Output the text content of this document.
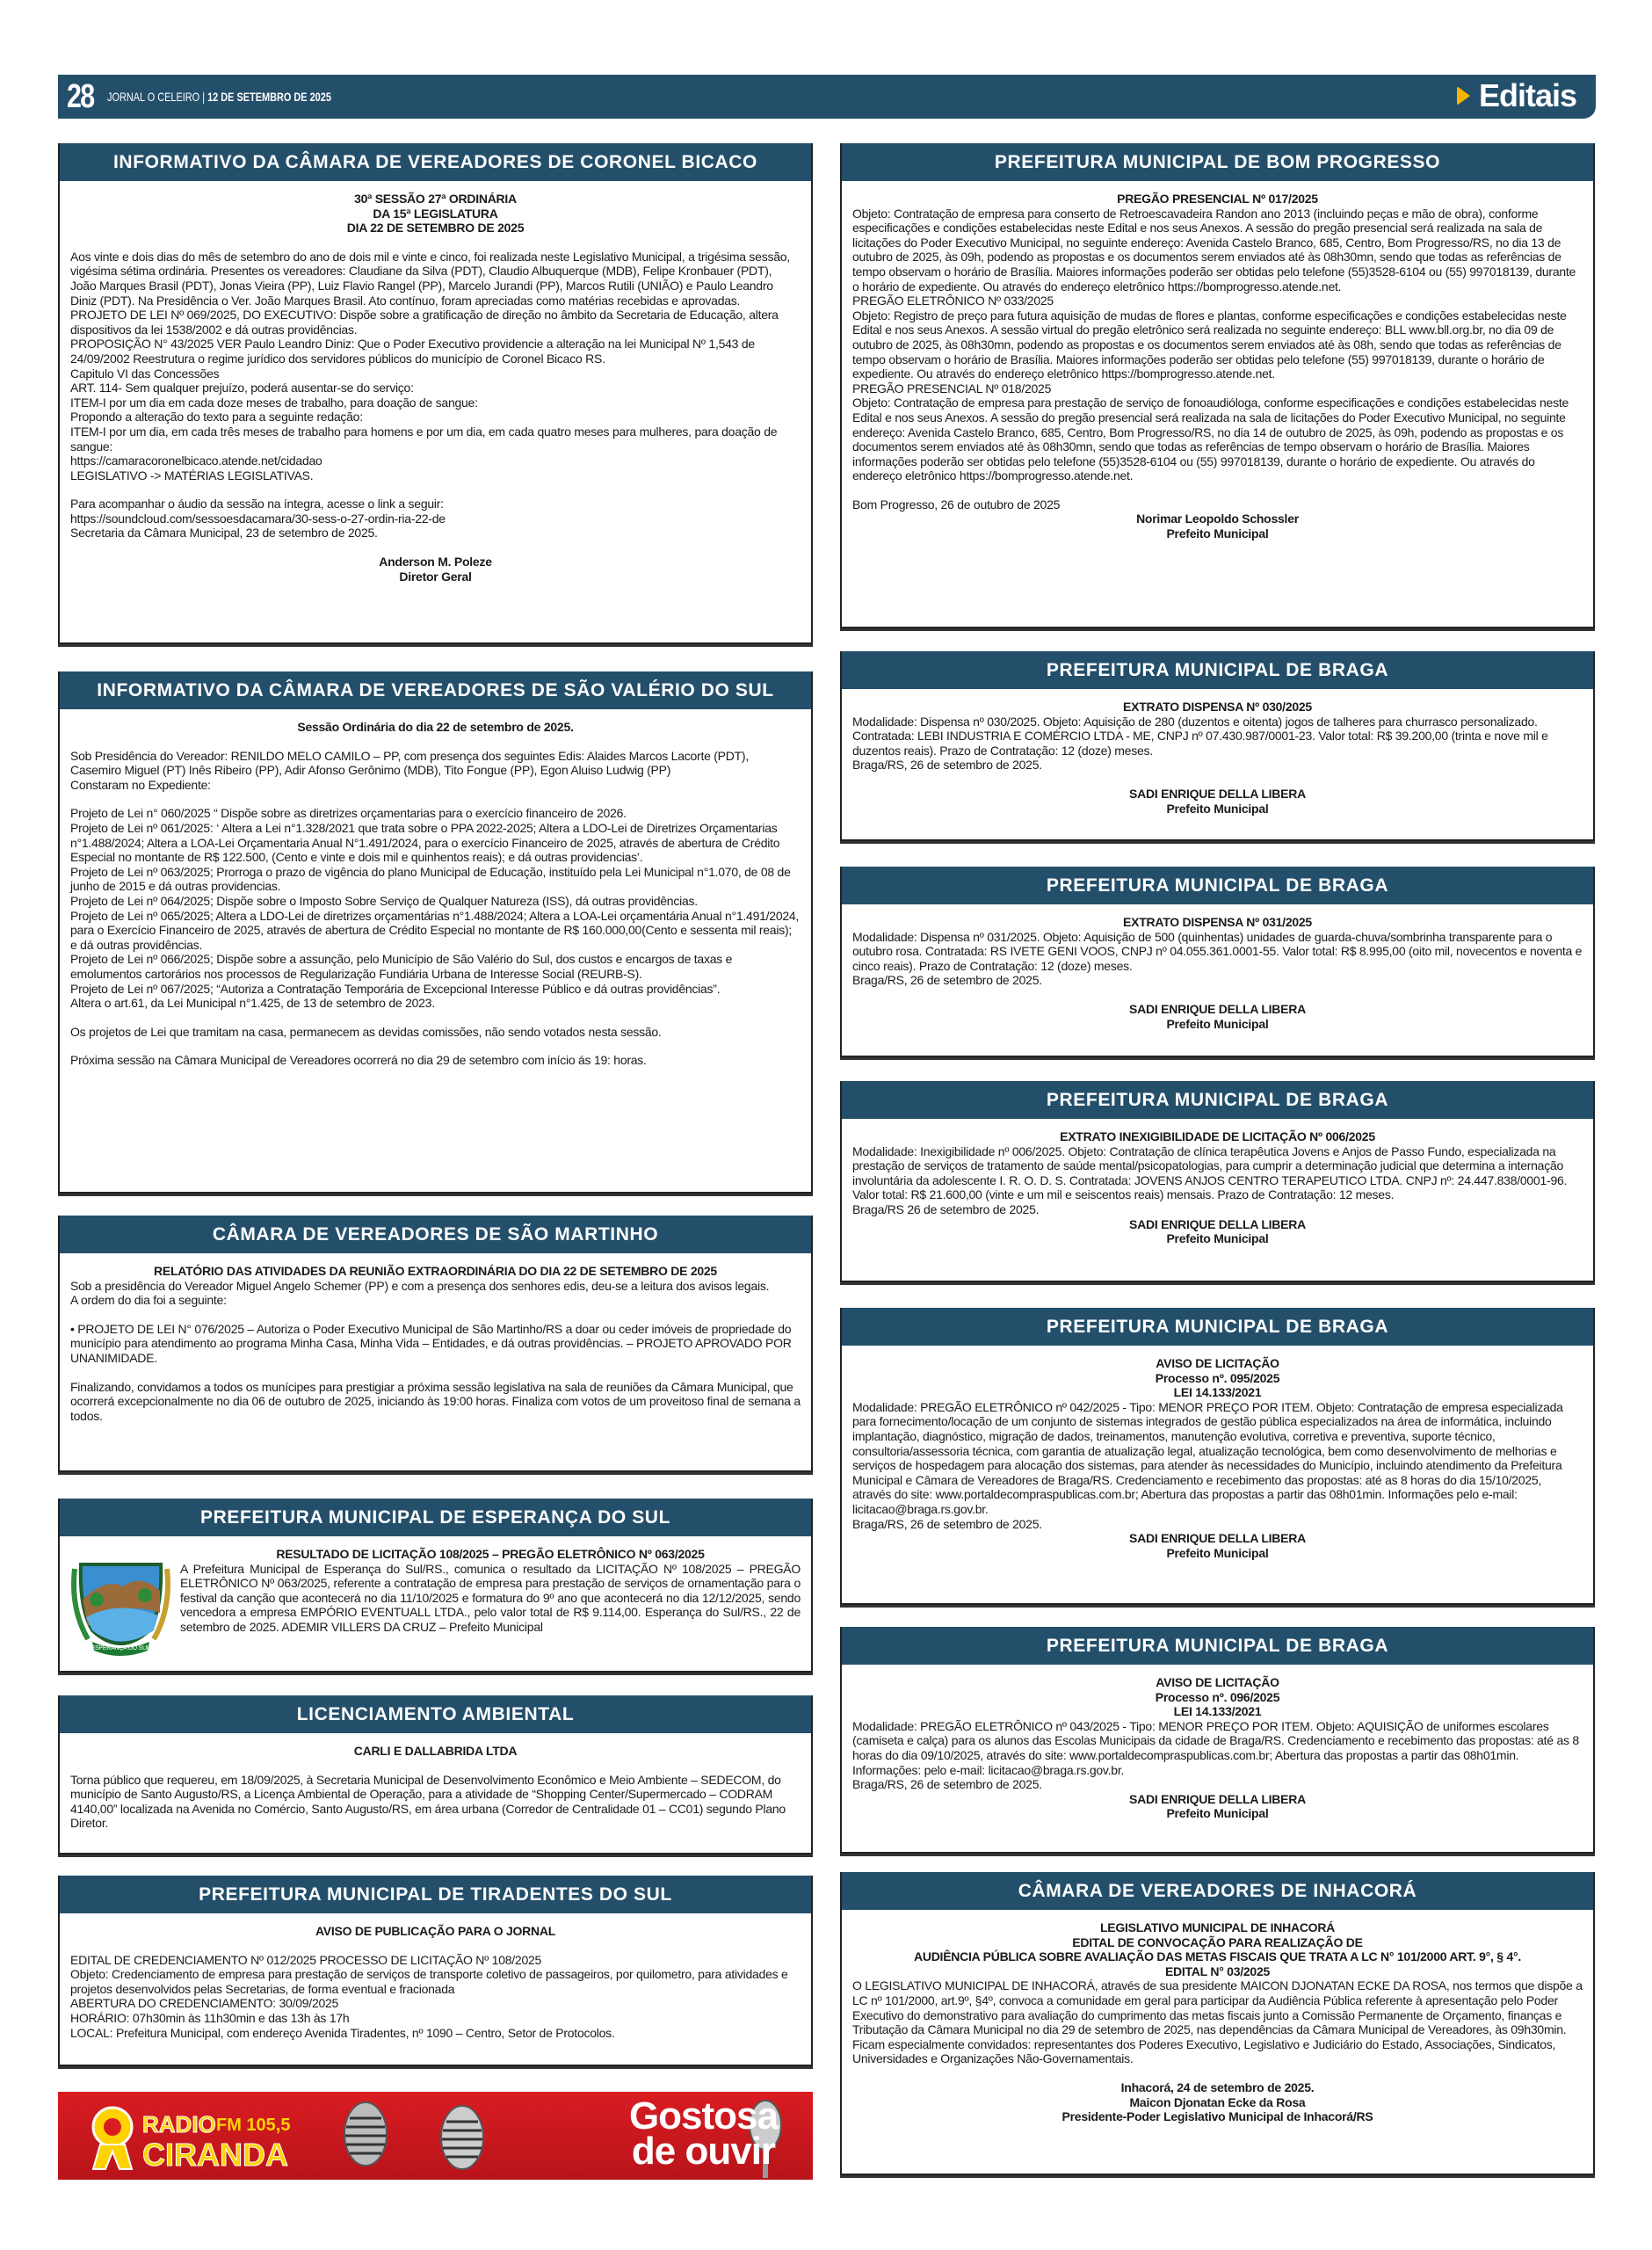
28 JORNAL O CELEIRO | 12 DE SETEMBRO DE 2025	Editais
INFORMATIVO DA CÂMARA DE VEREADORES DE CORONEL BICACO
30ª SESSÃO 27ª ORDINÁRIA
DA 15ª LEGISLATURA
DIA 22 DE SETEMBRO DE 2025
Aos vinte e dois dias do mês de setembro do ano de dois mil e vinte e cinco, foi realizada neste Legislativo Municipal, a trigésima sessão, vigésima sétima ordinária. Presentes os vereadores: Claudiane da Silva (PDT), Claudio Albuquerque (MDB), Felipe Kronbauer (PDT), João Marques Brasil (PDT), Jonas Vieira (PP), Luiz Flavio Rangel (PP), Marcelo Jurandi (PP), Marcos Rutili (UNIÃO) e Paulo Leandro Diniz (PDT). Na Presidência o Ver. João Marques Brasil. Ato contínuo, foram apreciadas como matérias recebidas e aprovadas.
PROJETO DE LEI Nº 069/2025, DO EXECUTIVO: Dispõe sobre a gratificação de direção no âmbito da Secretaria de Educação, altera dispositivos da lei 1538/2002 e dá outras providências.
PROPOSIÇÃO N° 43/2025 VER Paulo Leandro Diniz: Que o Poder Executivo providencie a alteração na lei Municipal Nº 1,543 de 24/09/2002 Reestrutura o regime jurídico dos servidores públicos do município de Coronel Bicaco RS.
Capitulo VI das Concessões
ART. 114- Sem qualquer prejuízo, poderá ausentar-se do serviço:
ITEM-I por um dia em cada doze meses de trabalho, para doação de sangue:
Propondo a alteração do texto para a seguinte redação:
ITEM-I por um dia, em cada três meses de trabalho para homens e por um dia, em cada quatro meses para mulheres, para doação de sangue:
https://camaracoronelbicaco.atende.net/cidadao
LEGISLATIVO -> MATÉRIAS LEGISLATIVAS.
Para acompanhar o áudio da sessão na íntegra, acesse o link a seguir:
https://soundcloud.com/sessoesdacamara/30-sess-o-27-ordin-ria-22-de
Secretaria da Câmara Municipal, 23 de setembro de 2025.
Anderson M. Poleze
Diretor Geral
INFORMATIVO DA CÂMARA DE VEREADORES DE SÃO VALÉRIO DO SUL
Sessão Ordinária do dia 22 de setembro de 2025.
Sob Presidência do Vereador: RENILDO MELO CAMILO – PP, com presença dos seguintes Edis: Alaides Marcos Lacorte (PDT), Casemiro Miguel (PT) Inês Ribeiro (PP), Adir Afonso Gerônimo (MDB), Tito Fongue (PP), Egon Aluiso Ludwig (PP)
Constaram no Expediente:
Projeto de Lei n° 060/2025 “ Dispõe sobre as diretrizes orçamentarias para o exercício financeiro de 2026.
Projeto de Lei nº 061/2025: ‘ Altera a Lei n°1.328/2021 que trata sobre o PPA 2022-2025; Altera a LDO-Lei de Diretrizes Orçamentarias n°1.488/2024; Altera a LOA-Lei Orçamentaria Anual N°1.491/2024, para o exercício Financeiro de 2025, através de abertura de Crédito Especial no montante de R$ 122.500, (Cento e vinte e dois mil e quinhentos reais); e dá outras providencias’.
Projeto de Lei nº 063/2025; Prorroga o prazo de vigência do plano Municipal de Educação, instituído pela Lei Municipal n°1.070, de 08 de junho de 2015 e dá outras providencias.
Projeto de Lei nº 064/2025; Dispõe sobre o Imposto Sobre Serviço de Qualquer Natureza (ISS), dá outras providências.
Projeto de Lei nº 065/2025; Altera a LDO-Lei de diretrizes orçamentárias n°1.488/2024; Altera a LOA-Lei orçamentária Anual n°1.491/2024, para o Exercício Financeiro de 2025, através de abertura de Crédito Especial no montante de R$ 160.000,00(Cento e sessenta mil reais); e dá outras providências.
Projeto de Lei nº 066/2025; Dispõe sobre a assunção, pelo Município de São Valério do Sul, dos custos e encargos de taxas e emolumentos cartorários nos processos de Regularização Fundiária Urbana de Interesse Social (REURB-S).
Projeto de Lei nº 067/2025; “Autoriza a Contratação Temporária de Excepcional Interesse Público e dá outras providências”.
Altera o art.61, da Lei Municipal n°1.425, de 13 de setembro de 2023.
Os projetos de Lei que tramitam na casa, permanecem as devidas comissões, não sendo votados nesta sessão.
Próxima sessão na Câmara Municipal de Vereadores ocorrerá no dia 29 de setembro com início ás 19: horas.
CÂMARA DE VEREADORES DE SÃO MARTINHO
RELATÓRIO DAS ATIVIDADES DA REUNIÃO EXTRAORDINÁRIA DO DIA 22 DE SETEMBRO DE 2025
Sob a presidência do Vereador Miguel Angelo Schemer (PP) e com a presença dos senhores edis, deu-se a leitura dos avisos legais.
A ordem do dia foi a seguinte:
• PROJETO DE LEI N° 076/2025 – Autoriza o Poder Executivo Municipal de São Martinho/RS a doar ou ceder imóveis de propriedade do município para atendimento ao programa Minha Casa, Minha Vida – Entidades, e dá outras providências. – PROJETO APROVADO POR UNANIMIDADE.
Finalizando, convidamos a todos os munícipes para prestigiar a próxima sessão legislativa na sala de reuniões da Câmara Municipal, que ocorrerá excepcionalmente no dia 06 de outubro de 2025, iniciando às 19:00 horas. Finaliza com votos de um proveitoso final de semana a todos.
PREFEITURA MUNICIPAL DE ESPERANÇA DO SUL
ESPERANÇA DO SUL
RESULTADO DE LICITAÇÃO 108/2025 – PREGÃO ELETRÔNICO Nº 063/2025
A Prefeitura Municipal de Esperança do Sul/RS., comunica o resultado da LICITAÇÃO Nº 108/2025 – PREGÃO ELETRÔNICO Nº 063/2025, referente a contratação de empresa para prestação de serviços de ornamentação para o festival da canção que acontecerá no dia 11/10/2025 e formatura do 9º ano que acontecerá no dia 12/12/2025, sendo vencedora a empresa EMPÓRIO EVENTUALL LTDA., pelo valor total de R$ 9.114,00. Esperança do Sul/RS., 22 de setembro de 2025. ADEMIR VILLERS DA CRUZ – Prefeito Municipal
LICENCIAMENTO AMBIENTAL
CARLI E DALLABRIDA LTDA
Torna público que requereu, em 18/09/2025, à Secretaria Municipal de Desenvolvimento Econômico e Meio Ambiente – SEDECOM, do município de Santo Augusto/RS, a Licença Ambiental de Operação, para a atividade de “Shopping Center/Supermercado – CODRAM 4140,00” localizada na Avenida no Comércio, Santo Augusto/RS, em área urbana (Corredor de Centralidade 01 – CC01) segundo Plano Diretor.
PREFEITURA MUNICIPAL DE TIRADENTES DO SUL
AVISO DE PUBLICAÇÃO PARA O JORNAL
EDITAL DE CREDENCIAMENTO Nº 012/2025 PROCESSO DE LICITAÇÃO Nº 108/2025
Objeto: Credenciamento de empresa para prestação de serviços de transporte coletivo de passageiros, por quilometro, para atividades e projetos desenvolvidos pelas Secretarias, de forma eventual e fracionada
ABERTURA DO CREDENCIAMENTO: 30/09/2025
HORÁRIO: 07h30min às 11h30min e das 13h às 17h
LOCAL: Prefeitura Municipal, com endereço Avenida Tiradentes, nº 1090 – Centro, Setor de Protocolos.
PREFEITURA MUNICIPAL DE BOM PROGRESSO
PREGÃO PRESENCIAL Nº 017/2025
Objeto: Contratação de empresa para conserto de Retroescavadeira Randon ano 2013 (incluindo peças e mão de obra), conforme especificações e condições estabelecidas neste Edital e nos seus Anexos. A sessão do pregão presencial será realizada na sala de licitações do Poder Executivo Municipal, no seguinte endereço: Avenida Castelo Branco, 685, Centro, Bom Progresso/RS, no dia 13 de outubro de 2025, às 09h, podendo as propostas e os documentos serem enviados até às 08h30mn, sendo que todas as referências de tempo observam o horário de Brasília. Maiores informações poderão ser obtidas pelo telefone (55)3528-6104 ou (55) 997018139, durante o horário de expediente. Ou através do endereço eletrônico https://bomprogresso.atende.net.
PREGÃO ELETRÔNICO Nº 033/2025
Objeto: Registro de preço para futura aquisição de mudas de flores e plantas, conforme especificações e condições estabelecidas neste Edital e nos seus Anexos. A sessão virtual do pregão eletrônico será realizada no seguinte endereço: BLL www.bll.org.br, no dia 09 de outubro de 2025, às 08h30mn, podendo as propostas e os documentos serem enviados até às 08h, sendo que todas as referências de tempo observam o horário de Brasília. Maiores informações poderão ser obtidas pelo telefone (55) 997018139, durante o horário de expediente. Ou através do endereço eletrônico https://bomprogresso.atende.net.
PREGÃO PRESENCIAL Nº 018/2025
Objeto: Contratação de empresa para prestação de serviço de fonoaudióloga, conforme especificações e condições estabelecidas neste Edital e nos seus Anexos. A sessão do pregão presencial será realizada na sala de licitações do Poder Executivo Municipal, no seguinte endereço: Avenida Castelo Branco, 685, Centro, Bom Progresso/RS, no dia 14 de outubro de 2025, às 09h, podendo as propostas e os documentos serem enviados até às 08h30mn, sendo que todas as referências de tempo observam o horário de Brasília. Maiores informações poderão ser obtidas pelo telefone (55)3528-6104 ou (55) 997018139, durante o horário de expediente. Ou através do endereço eletrônico https://bomprogresso.atende.net.
Bom Progresso, 26 de outubro de 2025
Norimar Leopoldo Schossler
Prefeito Municipal
PREFEITURA MUNICIPAL DE BRAGA
EXTRATO DISPENSA Nº 030/2025
Modalidade: Dispensa nº 030/2025. Objeto: Aquisição de 280 (duzentos e oitenta) jogos de talheres para churrasco personalizado. Contratada: LEBI INDUSTRIA E COMÉRCIO LTDA - ME, CNPJ nº 07.430.987/0001-23. Valor total: R$ 39.200,00 (trinta e nove mil e duzentos reais). Prazo de Contratação: 12 (doze) meses.
Braga/RS, 26 de setembro de 2025.
SADI ENRIQUE DELLA LIBERA
Prefeito Municipal
PREFEITURA MUNICIPAL DE BRAGA
EXTRATO DISPENSA Nº 031/2025
Modalidade: Dispensa nº 031/2025. Objeto: Aquisição de 500 (quinhentas) unidades de guarda-chuva/sombrinha transparente para o outubro rosa. Contratada: RS IVETE GENI VOOS, CNPJ nº 04.055.361.0001-55. Valor total: R$ 8.995,00 (oito mil, novecentos e noventa e cinco reais). Prazo de Contratação: 12 (doze) meses.
Braga/RS, 26 de setembro de 2025.
SADI ENRIQUE DELLA LIBERA
Prefeito Municipal
PREFEITURA MUNICIPAL DE BRAGA
EXTRATO INEXIGIBILIDADE DE LICITAÇÃO Nº 006/2025
Modalidade: Inexigibilidade nº 006/2025. Objeto: Contratação de clínica terapêutica Jovens e Anjos de Passo Fundo, especializada na prestação de serviços de tratamento de saúde mental/psicopatologias, para cumprir a determinação judicial que determina a internação involuntária da adolescente I. R. O. D. S. Contratada: JOVENS ANJOS CENTRO TERAPEUTICO LTDA. CNPJ nº: 24.447.838/0001-96. Valor total: R$ 21.600,00 (vinte e um mil e seiscentos reais) mensais. Prazo de Contratação: 12 meses.
Braga/RS 26 de setembro de 2025.
SADI ENRIQUE DELLA LIBERA
Prefeito Municipal
PREFEITURA MUNICIPAL DE BRAGA
AVISO DE LICITAÇÃO
Processo nº. 095/2025
LEI 14.133/2021
Modalidade: PREGÃO ELETRÔNICO nº 042/2025 - Tipo: MENOR PREÇO POR ITEM. Objeto: Contratação de empresa especializada para fornecimento/locação de um conjunto de sistemas integrados de gestão pública especializados na área de informática, incluindo implantação, diagnóstico, migração de dados, treinamentos, manutenção evolutiva, corretiva e preventiva, suporte técnico, consultoria/assessoria técnica, com garantia de atualização legal, atualização tecnológica, bem como desenvolvimento de melhorias e serviços de hospedagem para alocação dos sistemas, para atender às necessidades do Município, incluindo atendimento da Prefeitura Municipal e Câmara de Vereadores de Braga/RS. Credenciamento e recebimento das propostas: até as 8 horas do dia 15/10/2025, através do site: www.portaldecompraspublicas.com.br; Abertura das propostas a partir das 08h01min. Informações pelo e-mail: licitacao@braga.rs.gov.br.
Braga/RS, 26 de setembro de 2025.
SADI ENRIQUE DELLA LIBERA
Prefeito Municipal
PREFEITURA MUNICIPAL DE BRAGA
AVISO DE LICITAÇÃO
Processo nº. 096/2025
LEI 14.133/2021
Modalidade: PREGÃO ELETRÔNICO nº 043/2025 - Tipo: MENOR PREÇO POR ITEM. Objeto: AQUISIÇÃO de uniformes escolares (camiseta e calça) para os alunos das Escolas Municipais da cidade de Braga/RS. Credenciamento e recebimento das propostas: até as 8 horas do dia 09/10/2025, através do site: www.portaldecompraspublicas.com.br; Abertura das propostas a partir das 08h01min. Informações: pelo e-mail: licitacao@braga.rs.gov.br.
Braga/RS, 26 de setembro de 2025.
SADI ENRIQUE DELLA LIBERA
Prefeito Municipal
CÂMARA DE VEREADORES DE INHACORÁ
LEGISLATIVO MUNICIPAL DE INHACORÁ
EDITAL DE CONVOCAÇÃO PARA REALIZAÇÃO DE
AUDIÊNCIA PÚBLICA SOBRE AVALIAÇÃO DAS METAS FISCAIS QUE TRATA A LC N° 101/2000 ART. 9°, § 4°.
EDITAL N° 03/2025
O LEGISLATIVO MUNICIPAL DE INHACORÁ, através de sua presidente MAICON DJONATAN ECKE DA ROSA, nos termos que dispõe a LC nº 101/2000, art.9º, §4º, convoca a comunidade em geral para participar da Audiência Pública referente à apresentação pelo Poder Executivo do demonstrativo para avaliação do cumprimento das metas fiscais junto a Comissão Permanente de Orçamento, finanças e Tributação da Câmara Municipal no dia 29 de setembro de 2025, nas dependências da Câmara Municipal de Vereadores, às 09h30min.
Ficam especialmente convidados: representantes dos Poderes Executivo, Legislativo e Judiciário do Estado, Associações, Sindicatos, Universidades e Organizações Não-Governamentais.
Inhacorá, 24 de setembro de 2025.
Maicon Djonatan Ecke da Rosa
Presidente-Poder Legislativo Municipal de Inhacorá/RS
RADIO FM 105,5
CIRANDA
Gostosa
de ouvir
